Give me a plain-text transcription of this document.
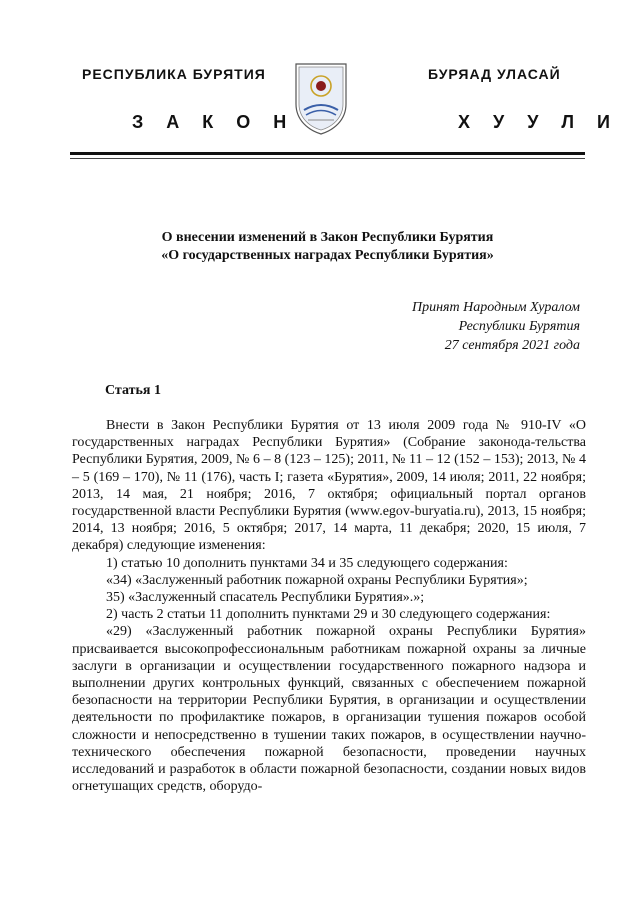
РЕСПУБЛИКА БУРЯТИЯ	БУРЯАД УЛАСАЙ
З А К О Н	Х У У Л И
О внесении изменений в Закон Республики Бурятия
«О государственных наградах Республики Бурятия»
Принят Народным Хуралом
Республики Бурятия
27 сентября 2021 года
Статья 1

Внести в Закон Республики Бурятия от 13 июля 2009 года № 910-IV «О государственных наградах Республики Бурятия» (Собрание законода-тельства Республики Бурятия, 2009, № 6 – 8 (123 – 125); 2011, № 11 – 12 (152 – 153); 2013, № 4 – 5 (169 – 170), № 11 (176), часть I; газета «Бурятия», 2009, 14 июля; 2011, 22 ноября; 2013, 14 мая, 21 ноября; 2016, 7 октября; официальный портал органов государственной власти Республики Бурятия (www.egov-buryatia.ru), 2013, 15 ноября; 2014, 13 ноября; 2016, 5 октября; 2017, 14 марта, 11 декабря; 2020, 15 июля, 7 декабря) следующие изменения:

1) статью 10 дополнить пунктами 34 и 35 следующего содержания:

«34) «Заслуженный работник пожарной охраны Республики Бурятия»;

35) «Заслуженный спасатель Республики Бурятия».»;

2) часть 2 статьи 11 дополнить пунктами 29 и 30 следующего содержания:

«29) «Заслуженный работник пожарной охраны Республики Бурятия» присваивается высокопрофессиональным работникам пожарной охраны за личные заслуги в организации и осуществлении государственного пожарного надзора и выполнении других контрольных функций, связанных с обеспечением пожарной безопасности на территории Республики Бурятия, в организации и осуществлении деятельности по профилактике пожаров, в организации тушения пожаров особой сложности и непосредственно в тушении таких пожаров, в осуществлении научно-технического обеспечения пожарной безопасности, проведении научных исследований и разработок в области пожарной безопасности, создании новых видов огнетушащих средств, оборудо-
